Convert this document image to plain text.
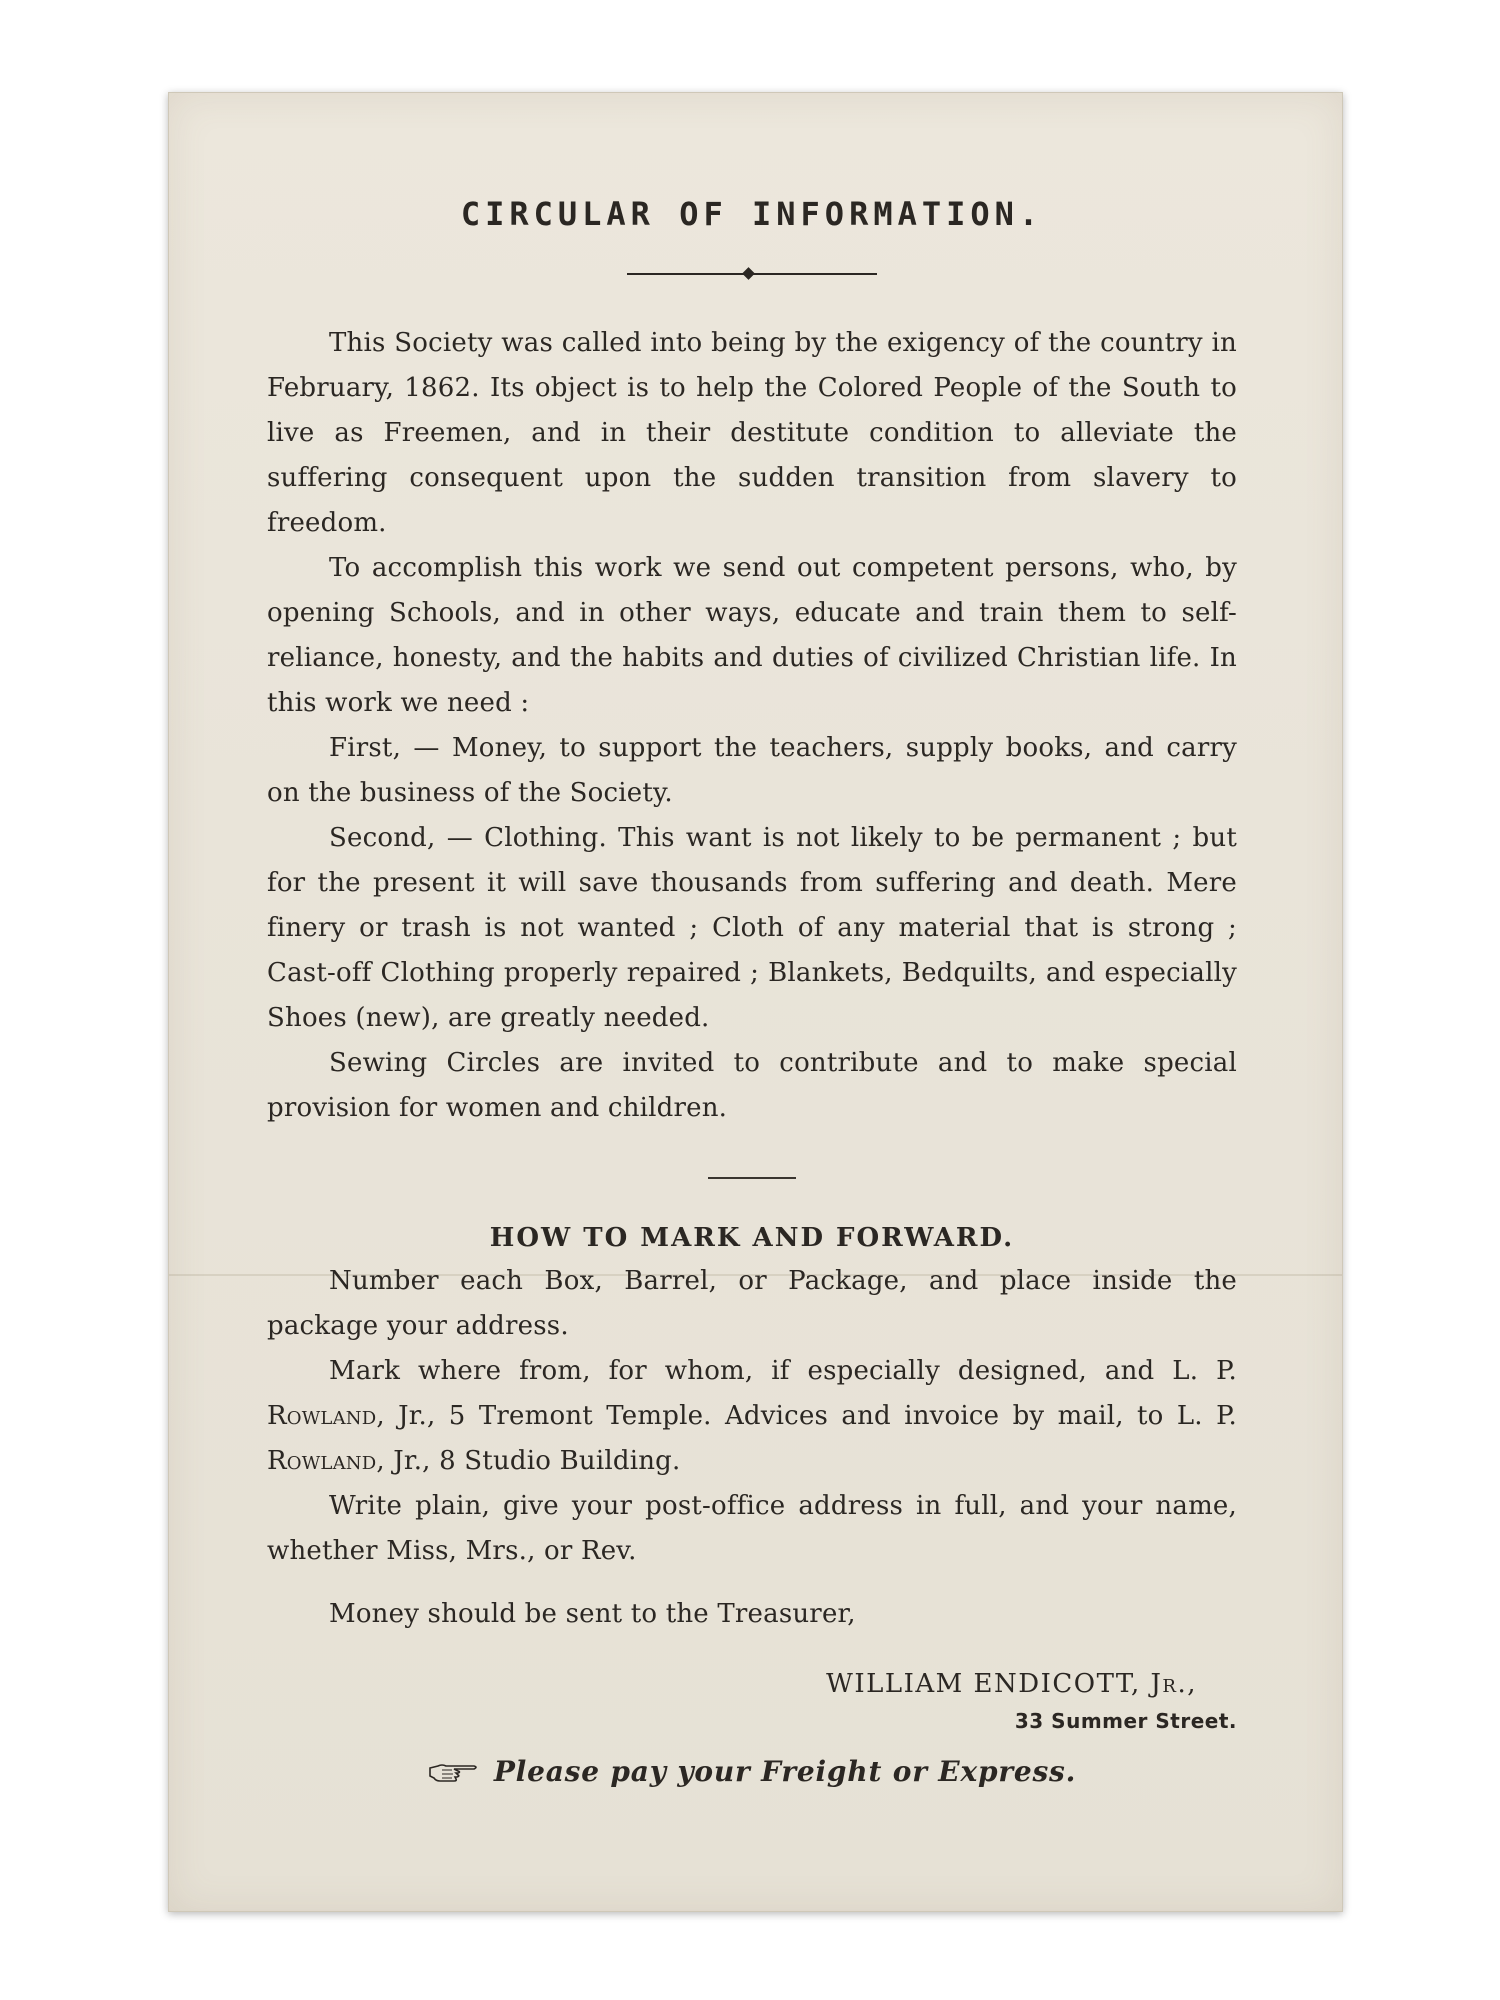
CIRCULAR OF INFORMATION.

This Society was called into being by the exigency of the country in February, 1862. Its object is to help the Colored People of the South to live as Freemen, and in their destitute condition to alleviate the suffering consequent upon the sudden transition from slavery to freedom.

To accomplish this work we send out competent persons, who, by opening Schools, and in other ways, educate and train them to self-reliance, honesty, and the habits and duties of civilized Christian life. In this work we need :

First, — Money, to support the teachers, supply books, and carry on the business of the Society.

Second, — Clothing. This want is not likely to be permanent ; but for the present it will save thousands from suffering and death. Mere finery or trash is not wanted ; Cloth of any material that is strong ; Cast-off Clothing properly repaired ; Blankets, Bedquilts, and especially Shoes (new), are greatly needed.

Sewing Circles are invited to contribute and to make special provision for women and children.

HOW TO MARK AND FORWARD.

Number each Box, Barrel, or Package, and place inside the package your address.

Mark where from, for whom, if especially designed, and L. P. Rowland, Jr., 5 Tremont Temple. Advices and invoice by mail, to L. P. Rowland, Jr., 8 Studio Building.

Write plain, give your post-office address in full, and your name, whether Miss, Mrs., or Rev.

Money should be sent to the Treasurer,

WILLIAM ENDICOTT, Jr.,
33 Summer Street.
Please pay your Freight or Express.
